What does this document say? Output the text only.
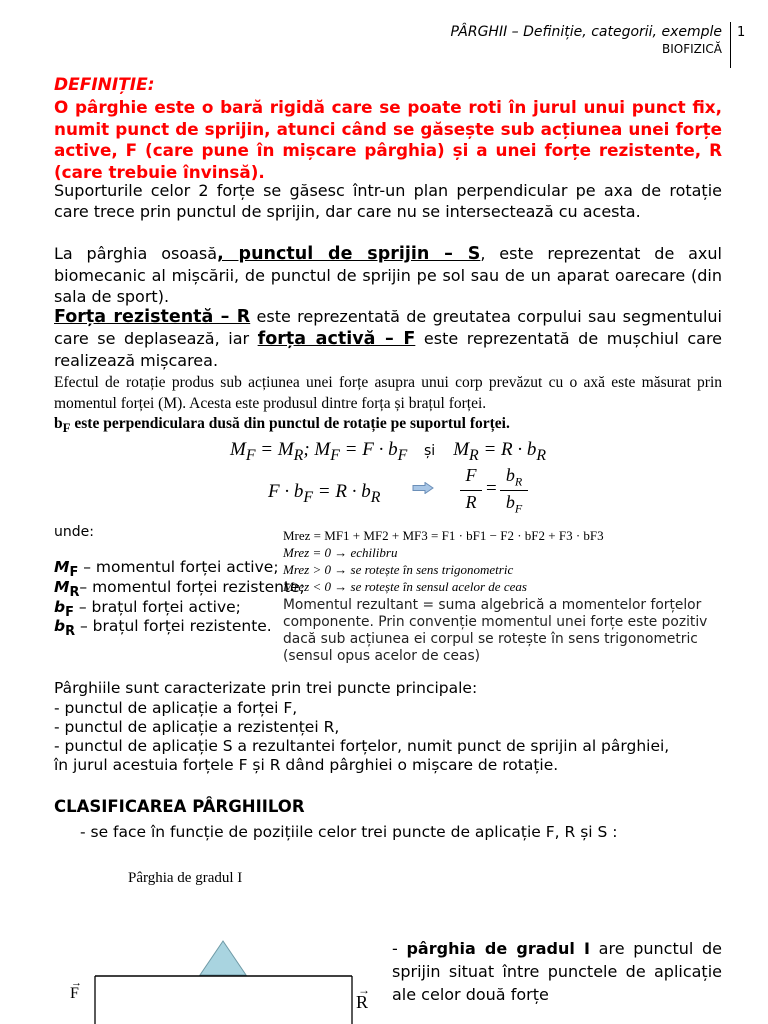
PÂRGHII – Definiție, categorii, exemple
BIOFIZICĂ
1
DEFINIȚIE:
O pârghie este o bară rigidă care se poate roti în jurul unui punct fix, numit punct de sprijin, atunci când se găsește sub acțiunea unei forțe active, F (care pune în mișcare pârghia) și a unei forțe rezistente, R (care trebuie învinsă).
Suporturile celor 2 forțe se găsesc într-un plan perpendicular pe axa de rotație care trece prin punctul de sprijin, dar care nu se intersectează cu acesta.
La pârghia osoasă, punctul de sprijin – S, este reprezentat de axul biomecanic al mișcării, de punctul de sprijin pe sol sau de un aparat oarecare (din sala de sport).
Forța rezistentă – R este reprezentată de greutatea corpului sau segmentului care se deplasează, iar forța activă – F este reprezentată de mușchiul care realizează mișcarea.
Efectul de rotație produs sub acțiunea unei forțe asupra unui corp prevăzut cu o axă este măsurat prin momentul forței (M). Acesta este produsul dintre forța și brațul forței.
$b_F$ este perpendiculara dusă din punctul de rotație pe suportul forței.
$M_F = M_R$; $M_F = F \cdot b_F$ și $M_R = R \cdot b_R$
$F \cdot b_F = R \cdot b_R$
F
R
=
$b_R$
$b_F$
unde:
$M_F$ – momentul forței active;
$M_R-$ momentul forței rezistente;
$b_F$ – brațul forței active;
$b_R$ – brațul forței rezistente.
Mrez = MF1 + MF2 + MF3 = F1 · bF1 − F2 · bF2 + F3 · bF3
Mrez = 0 → echilibru
Mrez > 0 → se rotește în sens trigonometric
Mrez < 0 → se rotește în sensul acelor de ceas
Momentul rezultant = suma algebrică a momentelor forțelor
componente. Prin convenție momentul unei forțe este pozitiv
dacă sub acțiunea ei corpul se rotește în sens trigonometric
(sensul opus acelor de ceas)
Pârghiile sunt caracterizate prin trei puncte principale:
- punctul de aplicație a forței F,
- punctul de aplicație a rezistenței R,
- punctul de aplicație S a rezultantei forțelor, numit punct de sprijin al pârghiei,
în jurul acestuia forțele F și R dând pârghiei o mișcare de rotație.
CLASIFICAREA PÂRGHIILOR
- se face în funcție de pozițiile celor trei puncte de aplicație F, R și S :
Pârghia de gradul I
→
F	→
R
- pârghia de gradul I are punctul de sprijin situat între punctele de aplicație ale celor două forțe
